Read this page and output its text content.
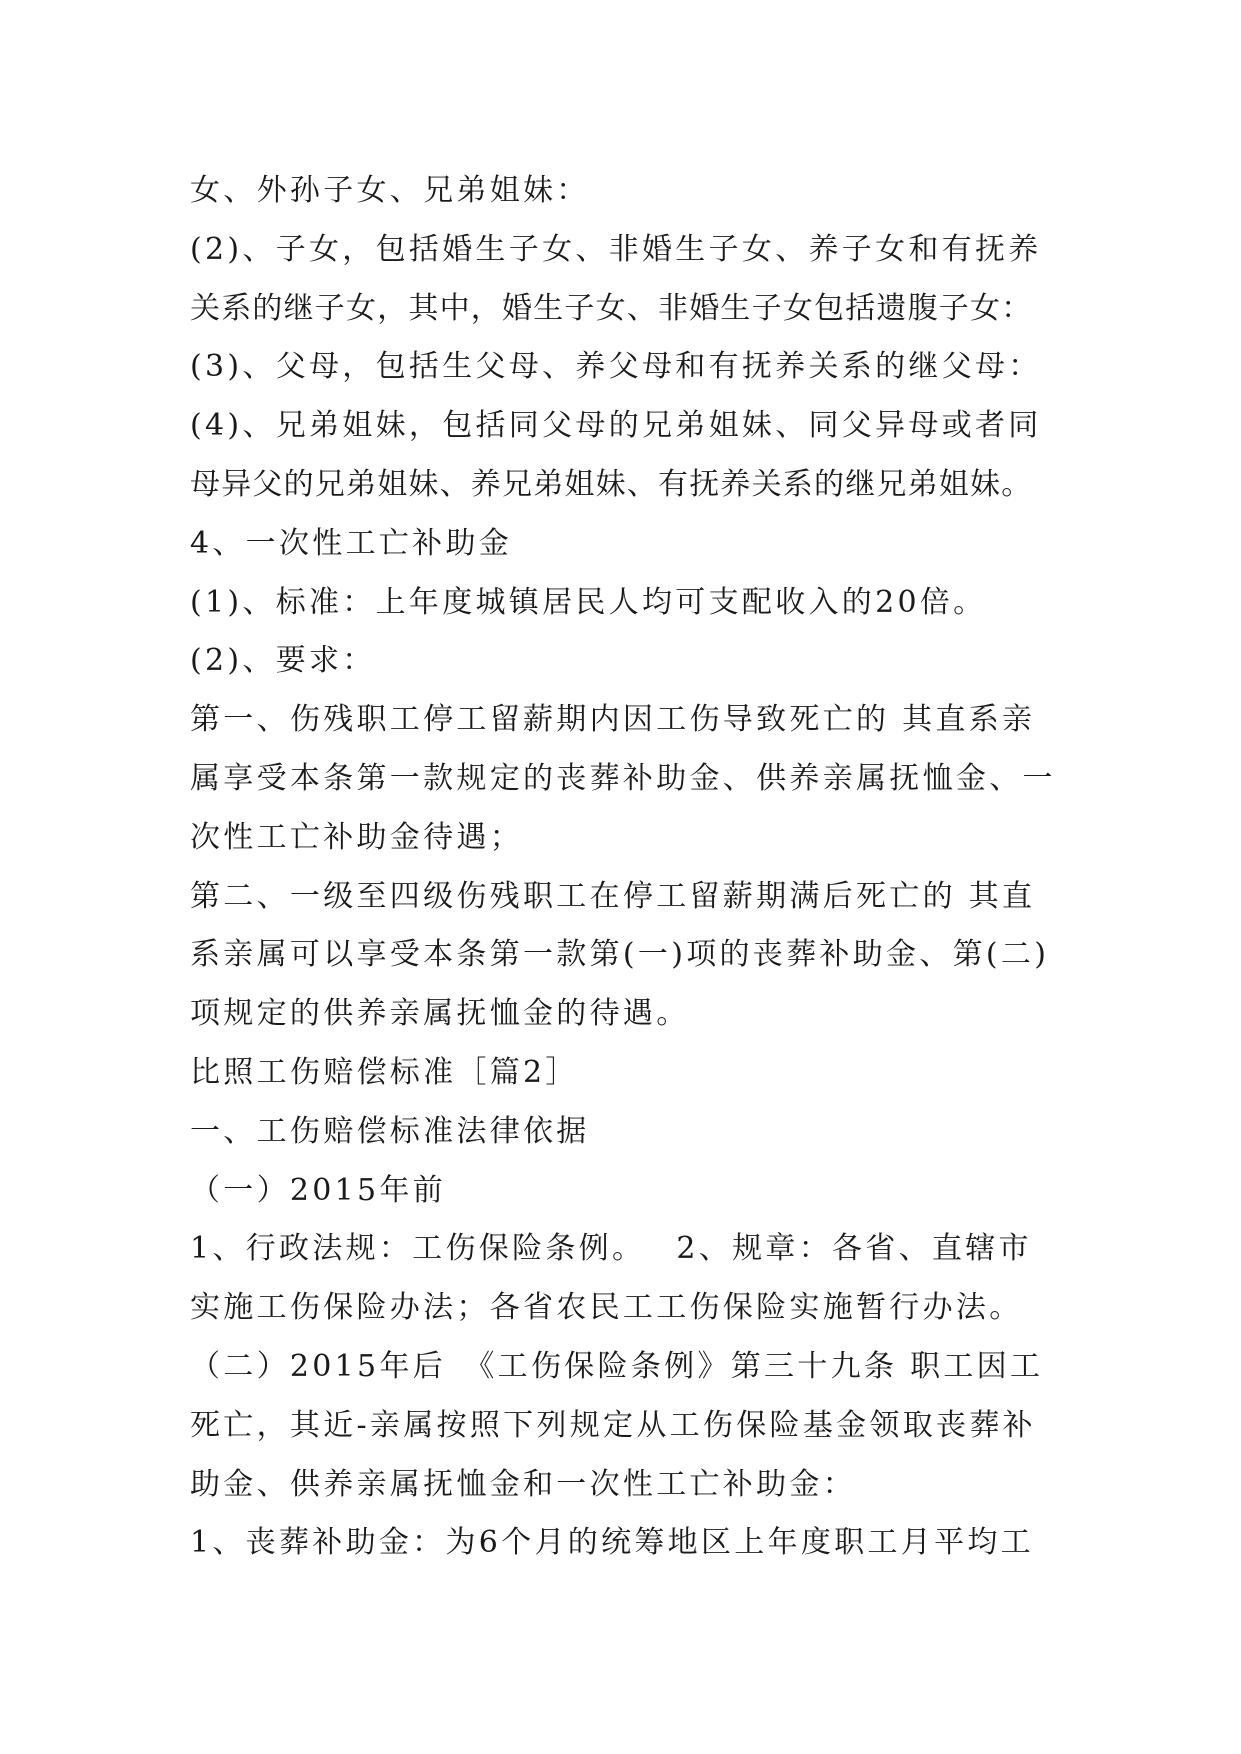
女、外孙子女、兄弟姐妹：
(2)、子女，包括婚生子女、非婚生子女、养子女和有抚养
关系的继子女，其中，婚生子女、非婚生子女包括遗腹子女：
(3)、父母，包括生父母、养父母和有抚养关系的继父母：
(4)、兄弟姐妹，包括同父母的兄弟姐妹、同父异母或者同
母异父的兄弟姐妹、养兄弟姐妹、有抚养关系的继兄弟姐妹。
4、一次性工亡补助金
(1)、标准：上年度城镇居民人均可支配收入的20倍。
(2)、要求：
第一、伤残职工停工留薪期内因工伤导致死亡的 其直系亲
属享受本条第一款规定的丧葬补助金、供养亲属抚恤金、一
次性工亡补助金待遇；
第二、一级至四级伤残职工在停工留薪期满后死亡的 其直
系亲属可以享受本条第一款第(一)项的丧葬补助金、第(二)
项规定的供养亲属抚恤金的待遇。
比照工伤赔偿标准［篇2］
一、工伤赔偿标准法律依据
（一）2015年前
1、行政法规：工伤保险条例。　 2、规章：各省、直辖市
实施工伤保险办法；各省农民工工伤保险实施暂行办法。
（二）2015年后　《工伤保险条例》第三十九条 职工因工
死亡，其近-亲属按照下列规定从工伤保险基金领取丧葬补
助金、供养亲属抚恤金和一次性工亡补助金：
1、丧葬补助金：为6个月的统筹地区上年度职工月平均工
